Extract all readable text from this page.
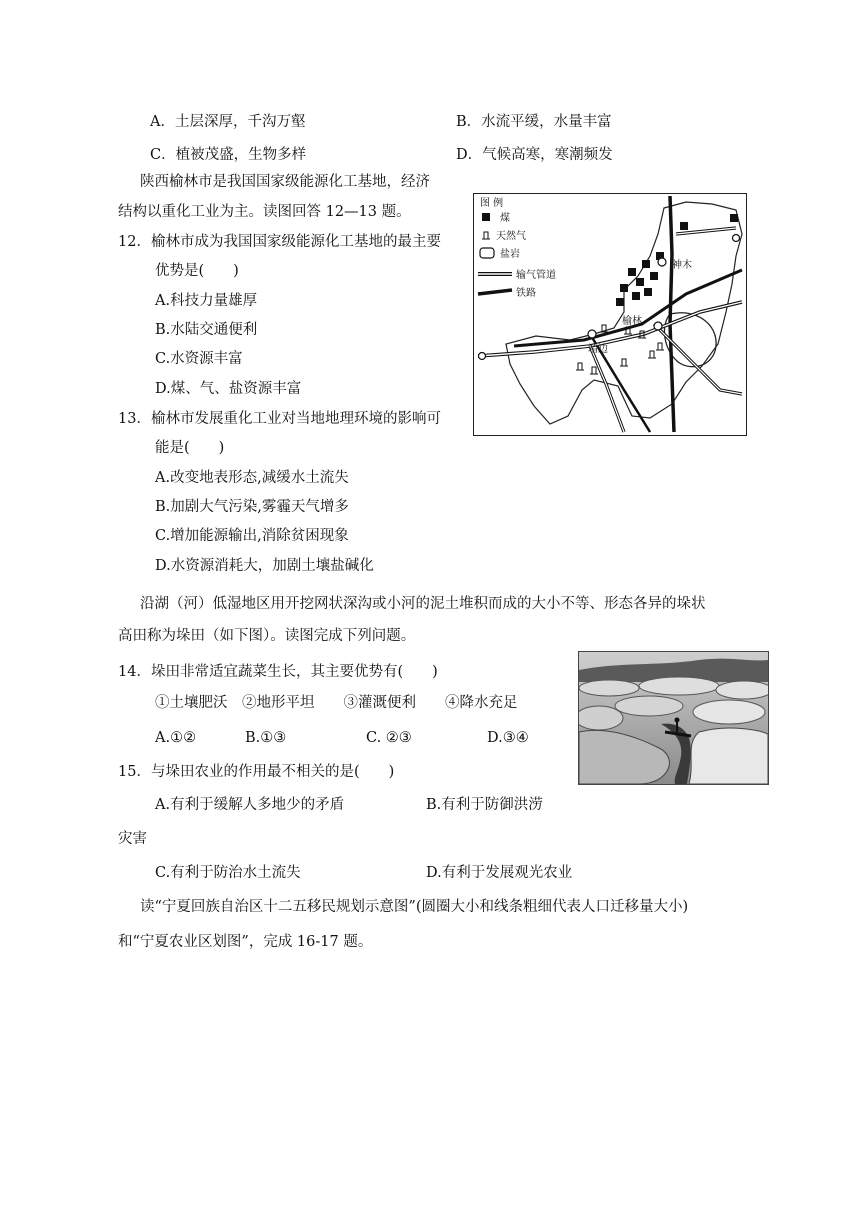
A．土层深厚，千沟万壑	B．水流平缓，水量丰富
C．植被茂盛，生物多样	D．气候高寒，寒潮频发
陕西榆林市是我国国家级能源化工基地，经济
结构以重化工业为主。读图回答 12—13 题。
12．榆林市成为我国国家级能源化工基地的最主要
优势是(　　)
A.科技力量雄厚
B.水陆交通便利
C.水资源丰富
D.煤、气、盐资源丰富
13．榆林市发展重化工业对当地地理环境的影响可
能是(　　)
A.改变地表形态,减缓水土流失
B.加剧大气污染,雾霾天气增多
C.增加能源输出,消除贫困现象
D.水资源消耗大，加剧土壤盐碱化
神木
榆林
靖边
图 例
煤
天然气
盐岩
输气管道
铁路
沿湖（河）低湿地区用开挖网状深沟或小河的泥土堆积而成的大小不等、形态各异的垛状
高田称为垛田（如下图）。读图完成下列问题。
14．垛田非常适宜蔬菜生长，其主要优势有(　　)
①土壤肥沃　②地形平坦　　③灌溉便利　　④降水充足
A.①②	B.①③	C. ②③	D.③④
15．与垛田农业的作用最不相关的是(　　)
A.有利于缓解人多地少的矛盾	B.有利于防御洪涝
灾害
C.有利于防治水土流失	D.有利于发展观光农业
读“宁夏回族自治区十二五移民规划示意图”(圆圈大小和线条粗细代表人口迁移量大小)
和“宁夏农业区划图”，完成 16-17 题。
